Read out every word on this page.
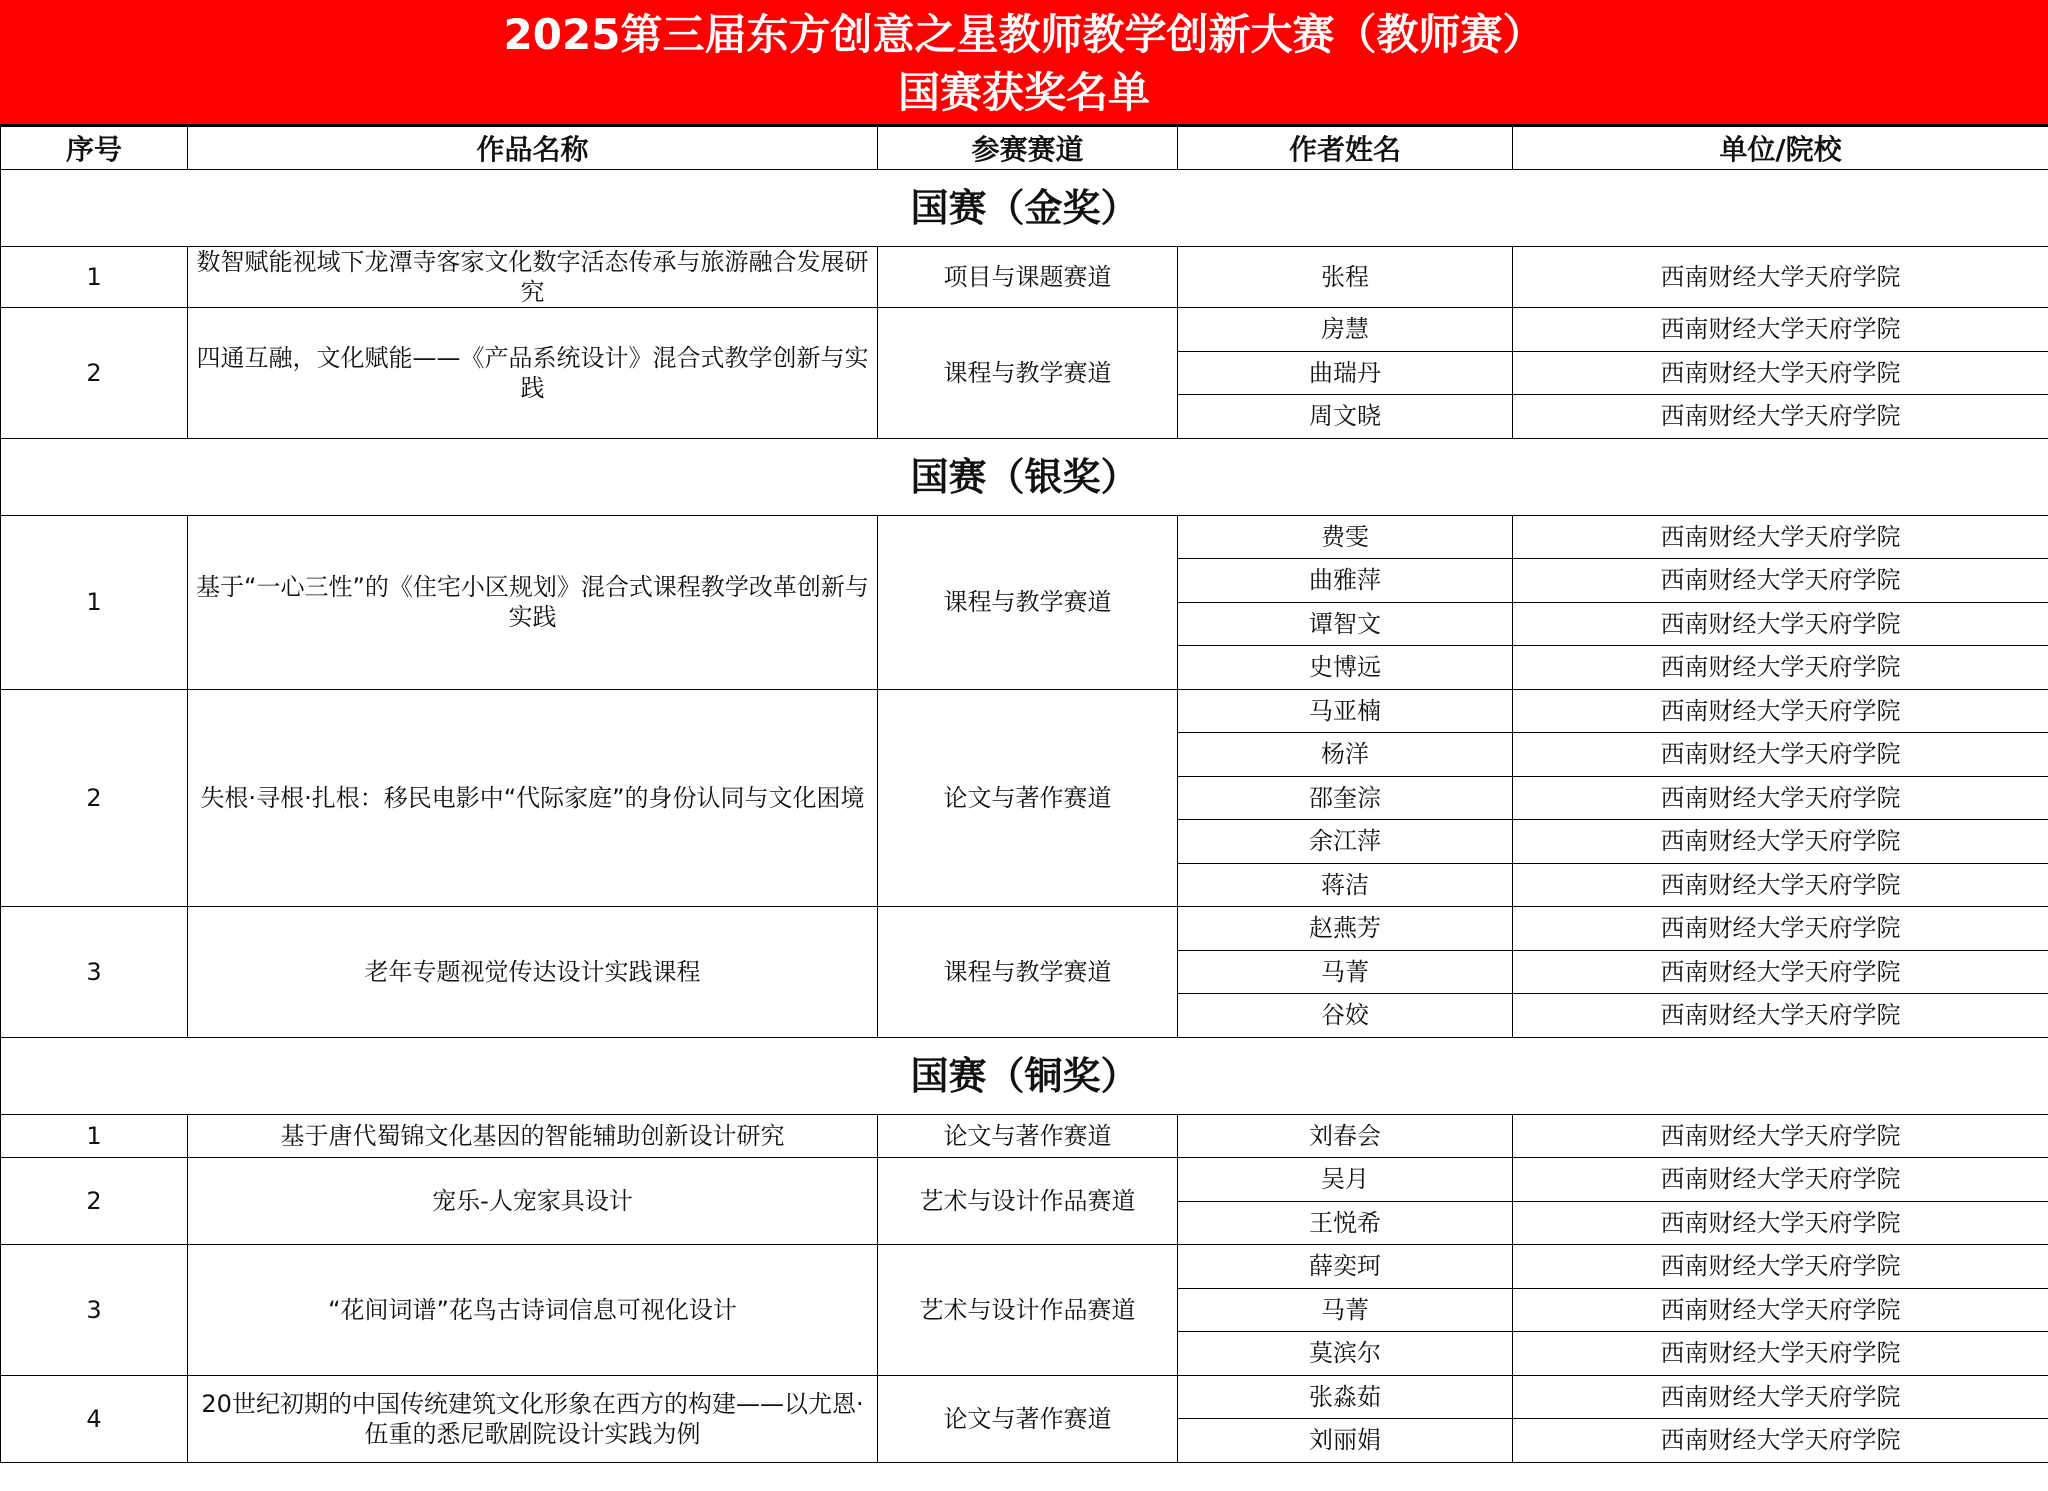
2025第三届东方创意之星教师教学创新大赛（教师赛）
国赛获奖名单
序号	作品名称	参赛赛道	作者姓名	单位/院校
国赛（金奖）				
1	数智赋能视域下龙潭寺客家文化数字活态传承与旅游融合发展研究	项目与课题赛道	张程	西南财经大学天府学院
2	四通互融，文化赋能——《产品系统设计》混合式教学创新与实践	课程与教学赛道	房慧	西南财经大学天府学院
			曲瑞丹	西南财经大学天府学院
			周文晓	西南财经大学天府学院
国赛（银奖）				
1	基于“一心三性”的《住宅小区规划》混合式课程教学改革创新与实践	课程与教学赛道	费雯	西南财经大学天府学院
			曲雅萍	西南财经大学天府学院
			谭智文	西南财经大学天府学院
			史博远	西南财经大学天府学院
2	失根·寻根·扎根：移民电影中“代际家庭”的身份认同与文化困境	论文与著作赛道	马亚楠	西南财经大学天府学院
			杨洋	西南财经大学天府学院
			邵奎淙	西南财经大学天府学院
			余江萍	西南财经大学天府学院
			蒋洁	西南财经大学天府学院
3	老年专题视觉传达设计实践课程	课程与教学赛道	赵燕芳	西南财经大学天府学院
			马菁	西南财经大学天府学院
			谷姣	西南财经大学天府学院
国赛（铜奖）				
1	基于唐代蜀锦文化基因的智能辅助创新设计研究	论文与著作赛道	刘春会	西南财经大学天府学院
2	宠乐-人宠家具设计	艺术与设计作品赛道	吴月	西南财经大学天府学院
			王悦希	西南财经大学天府学院
3	“花间词谱”花鸟古诗词信息可视化设计	艺术与设计作品赛道	薛奕珂	西南财经大学天府学院
			马菁	西南财经大学天府学院
			莫滨尔	西南财经大学天府学院
4	20世纪初期的中国传统建筑文化形象在西方的构建——以尤恩·伍重的悉尼歌剧院设计实践为例	论文与著作赛道	张淼茹	西南财经大学天府学院
			刘丽娟	西南财经大学天府学院
